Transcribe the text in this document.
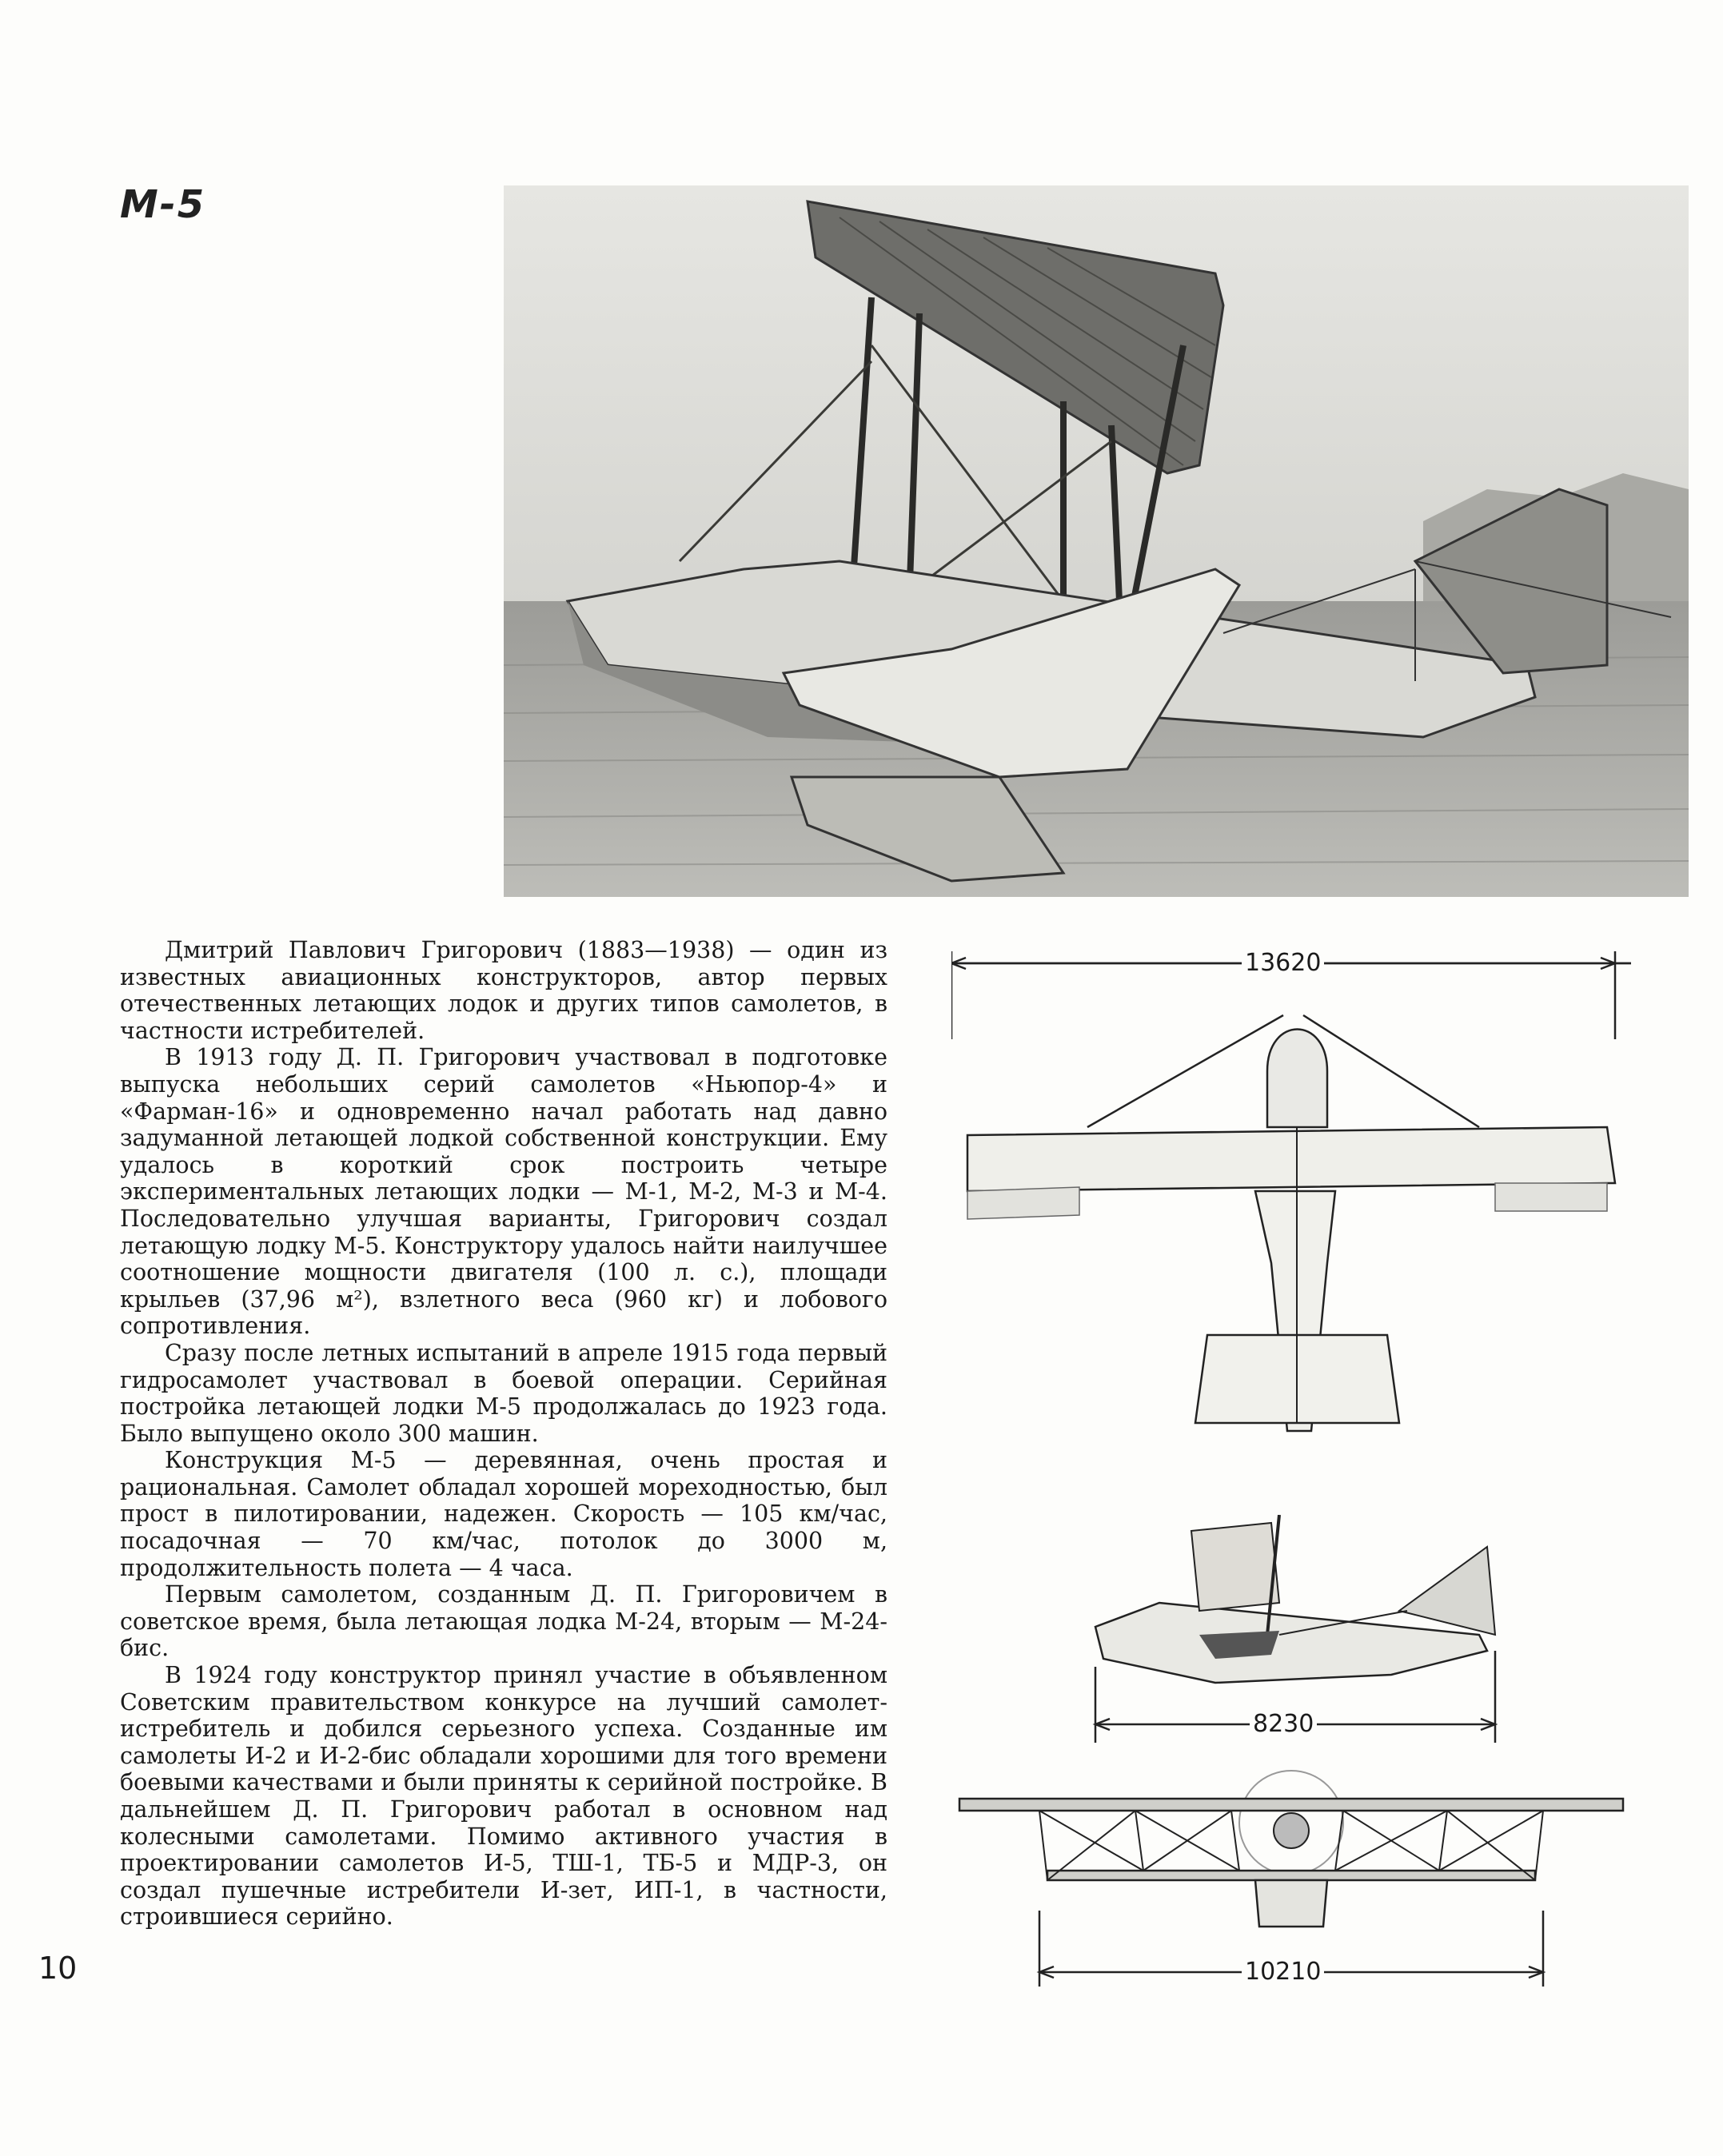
М-5

Дмитрий Павлович Григорович (1883—1938) — один из известных авиационных конструкторов, автор первых отечественных летающих лодок и других типов самолетов, в частности истребителей.

В 1913 году Д. П. Григорович участвовал в подготовке выпуска небольших серий самолетов «Ньюпор-4» и «Фарман-16» и одновременно начал работать над давно задуманной летающей лодкой собственной конструкции. Ему удалось в короткий срок построить четыре экспериментальных летающих лодки — М-1, М-2, М-3 и М-4. Последовательно улучшая варианты, Григорович создал летающую лодку М-5. Конструктору удалось найти наилучшее соотношение мощности двигателя (100 л. с.), площади крыльев (37,96 м²), взлетного веса (960 кг) и лобового сопротивления.

Сразу после летных испытаний в апреле 1915 года первый гидросамолет участвовал в боевой операции. Серийная постройка летающей лодки М-5 продолжалась до 1923 года. Было выпущено около 300 машин.

Конструкция М-5 — деревянная, очень простая и рациональная. Самолет обладал хорошей мореходностью, был прост в пилотировании, надежен. Скорость — 105 км/час, посадочная — 70 км/час, потолок до 3000 м, продолжительность полета — 4 часа.

Первым самолетом, созданным Д. П. Григоровичем в советское время, была летающая лодка М-24, вторым — М-24-бис.

В 1924 году конструктор принял участие в объявленном Советским правительством конкурсе на лучший самолет-истребитель и добился серьезного успеха. Созданные им самолеты И-2 и И-2-бис обладали хорошими для того времени боевыми качествами и были приняты к серийной постройке. В дальнейшем Д. П. Григорович работал в основном над колесными самолетами. Помимо активного участия в проектировании самолетов И-5, ТШ-1, ТБ-5 и МДР-3, он создал пушечные истребители И-зет, ИП-1, в частности, строившиеся серийно.

10
13620
8230
10210
